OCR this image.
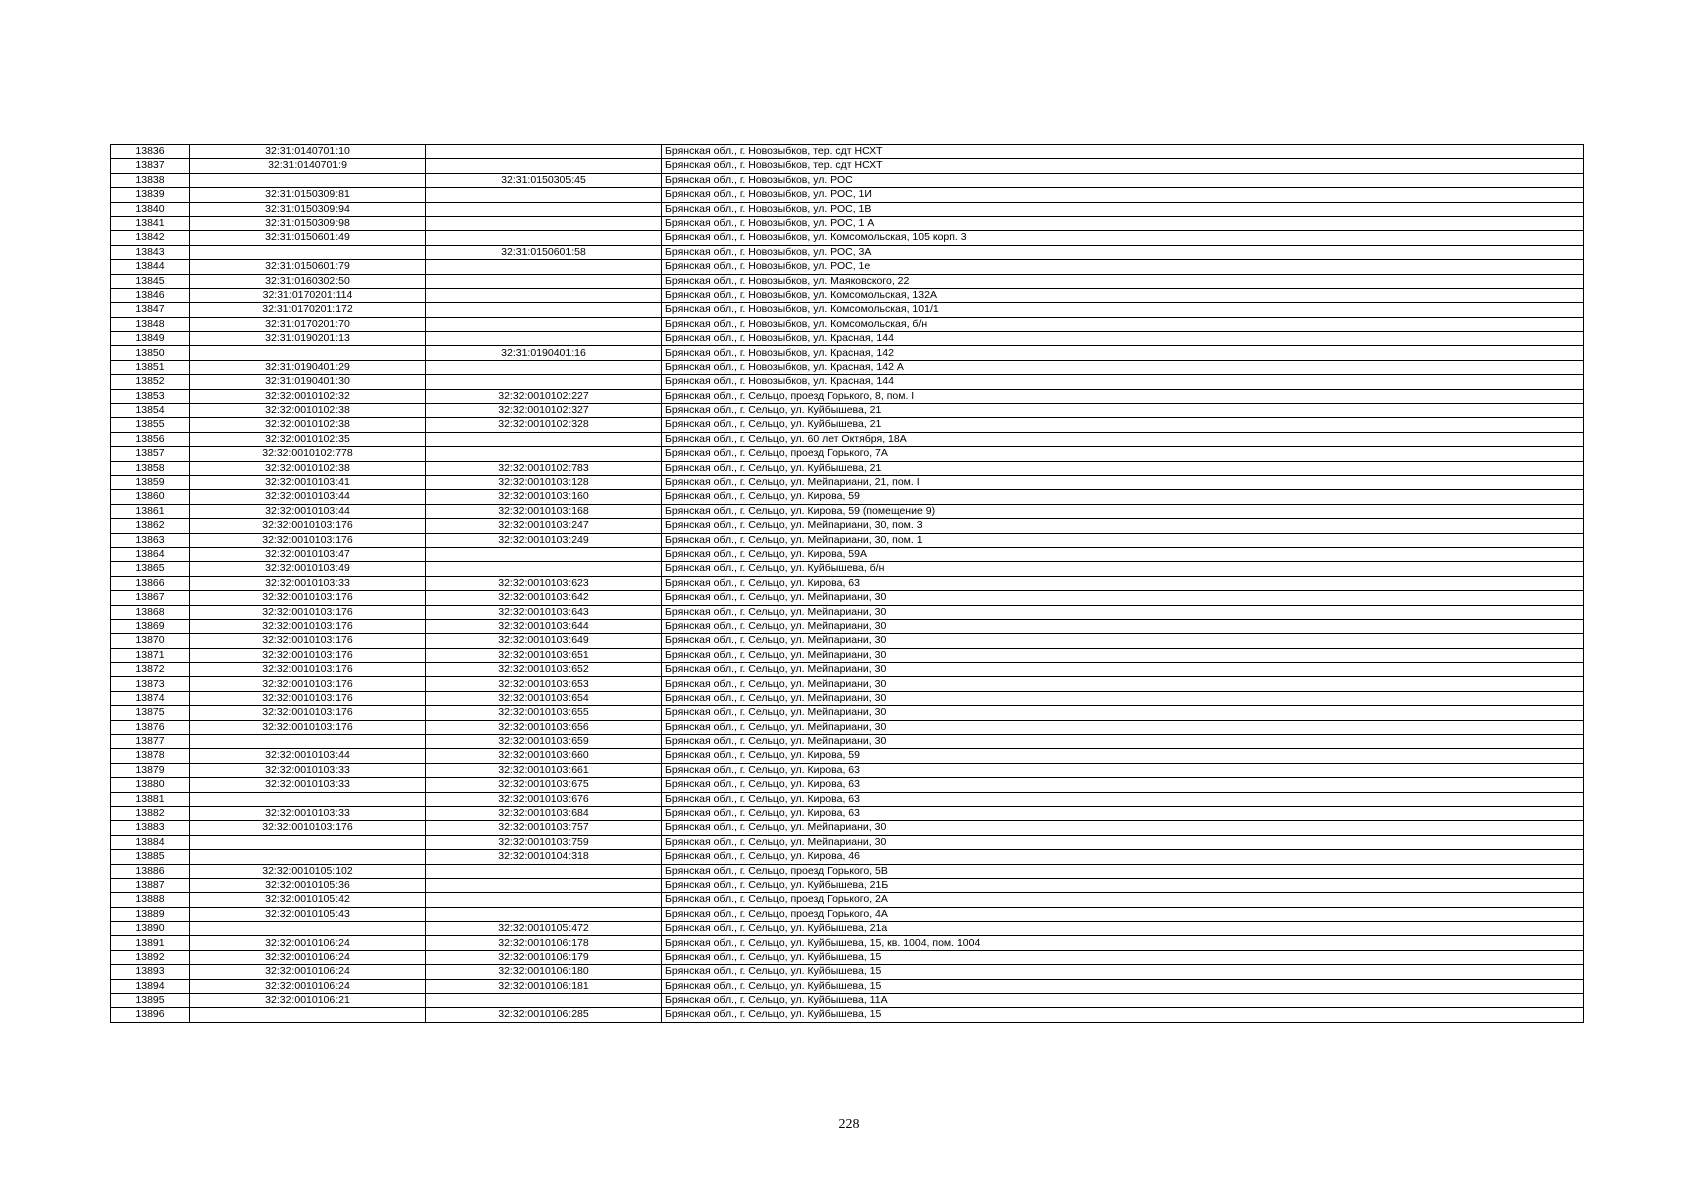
13836	32:31:0140701:10		Брянская обл., г. Новозыбков, тер. сдт НСХТ
13837	32:31:0140701:9		Брянская обл., г. Новозыбков, тер. сдт НСХТ
13838		32:31:0150305:45	Брянская обл., г. Новозыбков, ул. РОС
13839	32:31:0150309:81		Брянская обл., г. Новозыбков, ул. РОС, 1И
13840	32:31:0150309:94		Брянская обл., г. Новозыбков, ул. РОС, 1В
13841	32:31:0150309:98		Брянская обл., г. Новозыбков, ул. РОС, 1 А
13842	32:31:0150601:49		Брянская обл., г. Новозыбков, ул. Комсомольская, 105 корп. 3
13843		32:31:0150601:58	Брянская обл., г. Новозыбков, ул. РОС, 3А
13844	32:31:0150601:79		Брянская обл., г. Новозыбков, ул. РОС, 1е
13845	32:31:0160302:50		Брянская обл., г. Новозыбков, ул. Маяковского, 22
13846	32:31:0170201:114		Брянская обл., г. Новозыбков, ул. Комсомольская, 132А
13847	32:31:0170201:172		Брянская обл., г. Новозыбков, ул. Комсомольская, 101/1
13848	32:31:0170201:70		Брянская обл., г. Новозыбков, ул. Комсомольская, б/н
13849	32:31:0190201:13		Брянская обл., г. Новозыбков, ул. Красная, 144
13850		32:31:0190401:16	Брянская обл., г. Новозыбков, ул. Красная, 142
13851	32:31:0190401:29		Брянская обл., г. Новозыбков, ул. Красная, 142 А
13852	32:31:0190401:30		Брянская обл., г. Новозыбков, ул. Красная, 144
13853	32:32:0010102:32	32:32:0010102:227	Брянская обл., г. Сельцо, проезд Горького, 8, пом. I
13854	32:32:0010102:38	32:32:0010102:327	Брянская обл., г. Сельцо, ул. Куйбышева, 21
13855	32:32:0010102:38	32:32:0010102:328	Брянская обл., г. Сельцо, ул. Куйбышева, 21
13856	32:32:0010102:35		Брянская обл., г. Сельцо, ул. 60 лет Октября, 18А
13857	32:32:0010102:778		Брянская обл., г. Сельцо, проезд Горького, 7А
13858	32:32:0010102:38	32:32:0010102:783	Брянская обл., г. Сельцо, ул. Куйбышева, 21
13859	32:32:0010103:41	32:32:0010103:128	Брянская обл., г. Сельцо, ул. Мейпариани, 21, пом. I
13860	32:32:0010103:44	32:32:0010103:160	Брянская обл., г. Сельцо, ул. Кирова, 59
13861	32:32:0010103:44	32:32:0010103:168	Брянская обл., г. Сельцо, ул. Кирова, 59 (помещение 9)
13862	32:32:0010103:176	32:32:0010103:247	Брянская обл., г. Сельцо, ул. Мейпариани, 30, пом. 3
13863	32:32:0010103:176	32:32:0010103:249	Брянская обл., г. Сельцо, ул. Мейпариани, 30, пом. 1
13864	32:32:0010103:47		Брянская обл., г. Сельцо, ул. Кирова, 59А
13865	32:32:0010103:49		Брянская обл., г. Сельцо, ул. Куйбышева, б/н
13866	32:32:0010103:33	32:32:0010103:623	Брянская обл., г. Сельцо, ул. Кирова, 63
13867	32:32:0010103:176	32:32:0010103:642	Брянская обл., г. Сельцо, ул. Мейпариани, 30
13868	32:32:0010103:176	32:32:0010103:643	Брянская обл., г. Сельцо, ул. Мейпариани, 30
13869	32:32:0010103:176	32:32:0010103:644	Брянская обл., г. Сельцо, ул. Мейпариани, 30
13870	32:32:0010103:176	32:32:0010103:649	Брянская обл., г. Сельцо, ул. Мейпариани, 30
13871	32:32:0010103:176	32:32:0010103:651	Брянская обл., г. Сельцо, ул. Мейпариани, 30
13872	32:32:0010103:176	32:32:0010103:652	Брянская обл., г. Сельцо, ул. Мейпариани, 30
13873	32:32:0010103:176	32:32:0010103:653	Брянская обл., г. Сельцо, ул. Мейпариани, 30
13874	32:32:0010103:176	32:32:0010103:654	Брянская обл., г. Сельцо, ул. Мейпариани, 30
13875	32:32:0010103:176	32:32:0010103:655	Брянская обл., г. Сельцо, ул. Мейпариани, 30
13876	32:32:0010103:176	32:32:0010103:656	Брянская обл., г. Сельцо, ул. Мейпариани, 30
13877		32:32:0010103:659	Брянская обл., г. Сельцо, ул. Мейпариани, 30
13878	32:32:0010103:44	32:32:0010103:660	Брянская обл., г. Сельцо, ул. Кирова, 59
13879	32:32:0010103:33	32:32:0010103:661	Брянская обл., г. Сельцо, ул. Кирова, 63
13880	32:32:0010103:33	32:32:0010103:675	Брянская обл., г. Сельцо, ул. Кирова, 63
13881		32:32:0010103:676	Брянская обл., г. Сельцо, ул. Кирова, 63
13882	32:32:0010103:33	32:32:0010103:684	Брянская обл., г. Сельцо, ул. Кирова, 63
13883	32:32:0010103:176	32:32:0010103:757	Брянская обл., г. Сельцо, ул. Мейпариани, 30
13884		32:32:0010103:759	Брянская обл., г. Сельцо, ул. Мейпариани, 30
13885		32:32:0010104:318	Брянская обл., г. Сельцо, ул. Кирова, 46
13886	32:32:0010105:102		Брянская обл., г. Сельцо, проезд Горького, 5В
13887	32:32:0010105:36		Брянская обл., г. Сельцо, ул. Куйбышева, 21Б
13888	32:32:0010105:42		Брянская обл., г. Сельцо, проезд Горького, 2А
13889	32:32:0010105:43		Брянская обл., г. Сельцо, проезд Горького, 4А
13890		32:32:0010105:472	Брянская обл., г. Сельцо, ул. Куйбышева, 21а
13891	32:32:0010106:24	32:32:0010106:178	Брянская обл., г. Сельцо, ул. Куйбышева, 15, кв. 1004, пом. 1004
13892	32:32:0010106:24	32:32:0010106:179	Брянская обл., г. Сельцо, ул. Куйбышева, 15
13893	32:32:0010106:24	32:32:0010106:180	Брянская обл., г. Сельцо, ул. Куйбышева, 15
13894	32:32:0010106:24	32:32:0010106:181	Брянская обл., г. Сельцо, ул. Куйбышева, 15
13895	32:32:0010106:21		Брянская обл., г. Сельцо, ул. Куйбышева, 11А
13896		32:32:0010106:285	Брянская обл., г. Сельцо, ул. Куйбышева, 15
228
